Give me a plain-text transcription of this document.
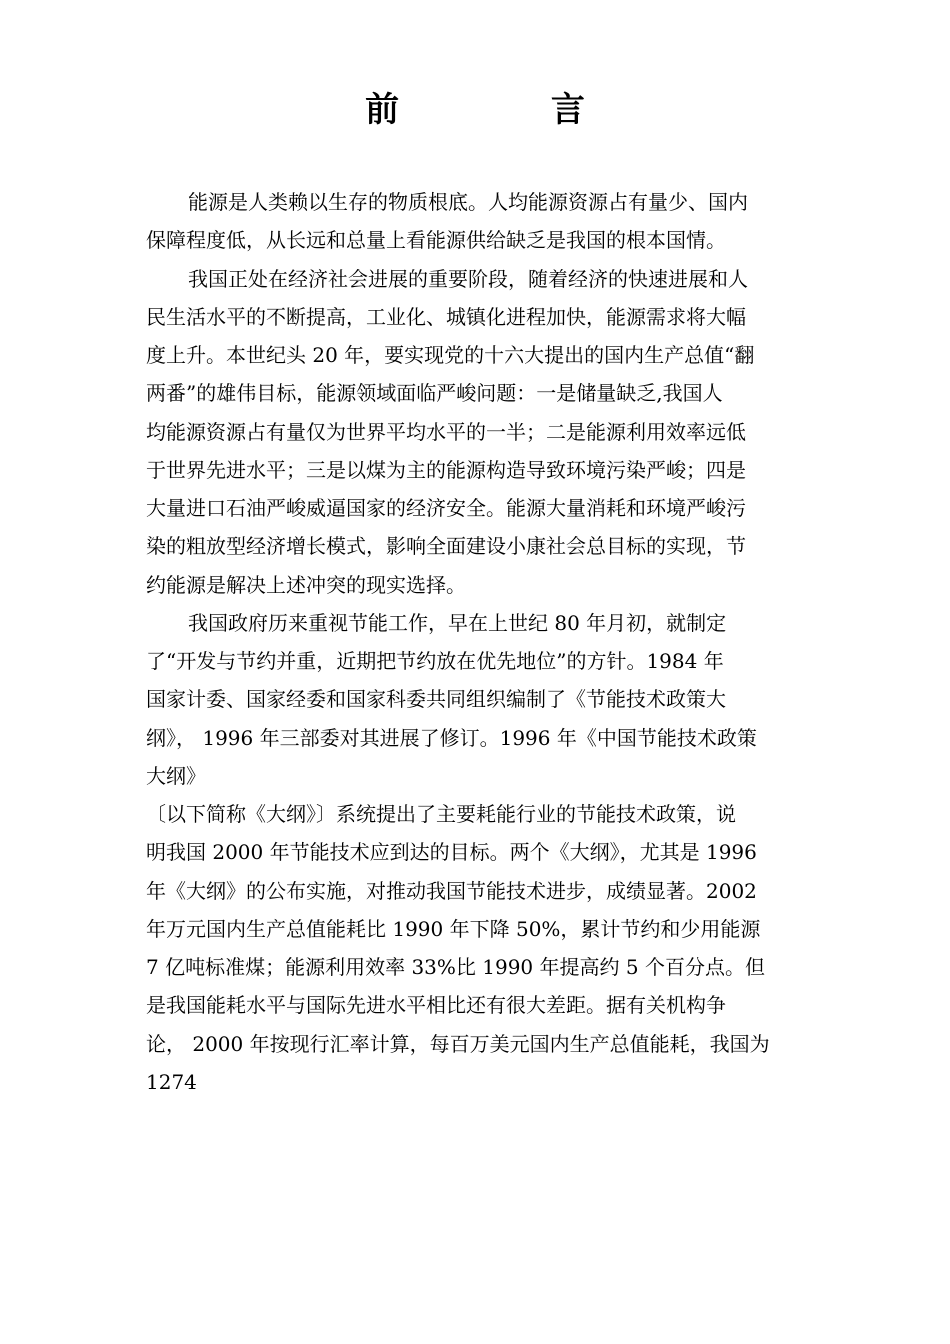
前 言
能源是人类赖以生存的物质根底。人均能源资源占有量少、国内
保障程度低，从长远和总量上看能源供给缺乏是我国的根本国情。
我国正处在经济社会进展的重要阶段，随着经济的快速进展和人
民生活水平的不断提高，工业化、城镇化进程加快，能源需求将大幅
度上升。本世纪头 20 年，要实现党的十六大提出的国内生产总值“翻
两番”的雄伟目标，能源领域面临严峻问题：一是储量缺乏,我国人
均能源资源占有量仅为世界平均水平的一半；二是能源利用效率远低
于世界先进水平；三是以煤为主的能源构造导致环境污染严峻；四是
大量进口石油严峻威逼国家的经济安全。能源大量消耗和环境严峻污
染的粗放型经济增长模式，影响全面建设小康社会总目标的实现，节
约能源是解决上述冲突的现实选择。
我国政府历来重视节能工作，早在上世纪 80 年月初，就制定
了“开发与节约并重，近期把节约放在优先地位”的方针。1984 年
国家计委、国家经委和国家科委共同组织编制了《节能技术政策大
纲》， 1996 年三部委对其进展了修订。1996 年《中国节能技术政策
大纲》
〔以下简称《大纲》〕系统提出了主要耗能行业的节能技术政策，说
明我国 2000 年节能技术应到达的目标。两个《大纲》，尤其是 1996
年《大纲》的公布实施，对推动我国节能技术进步，成绩显著。2002
年万元国内生产总值能耗比 1990 年下降 50%，累计节约和少用能源
7 亿吨标准煤；能源利用效率 33%比 1990 年提高约 5 个百分点。但
是我国能耗水平与国际先进水平相比还有很大差距。据有关机构争
论， 2000 年按现行汇率计算，每百万美元国内生产总值能耗，我国为
1274
